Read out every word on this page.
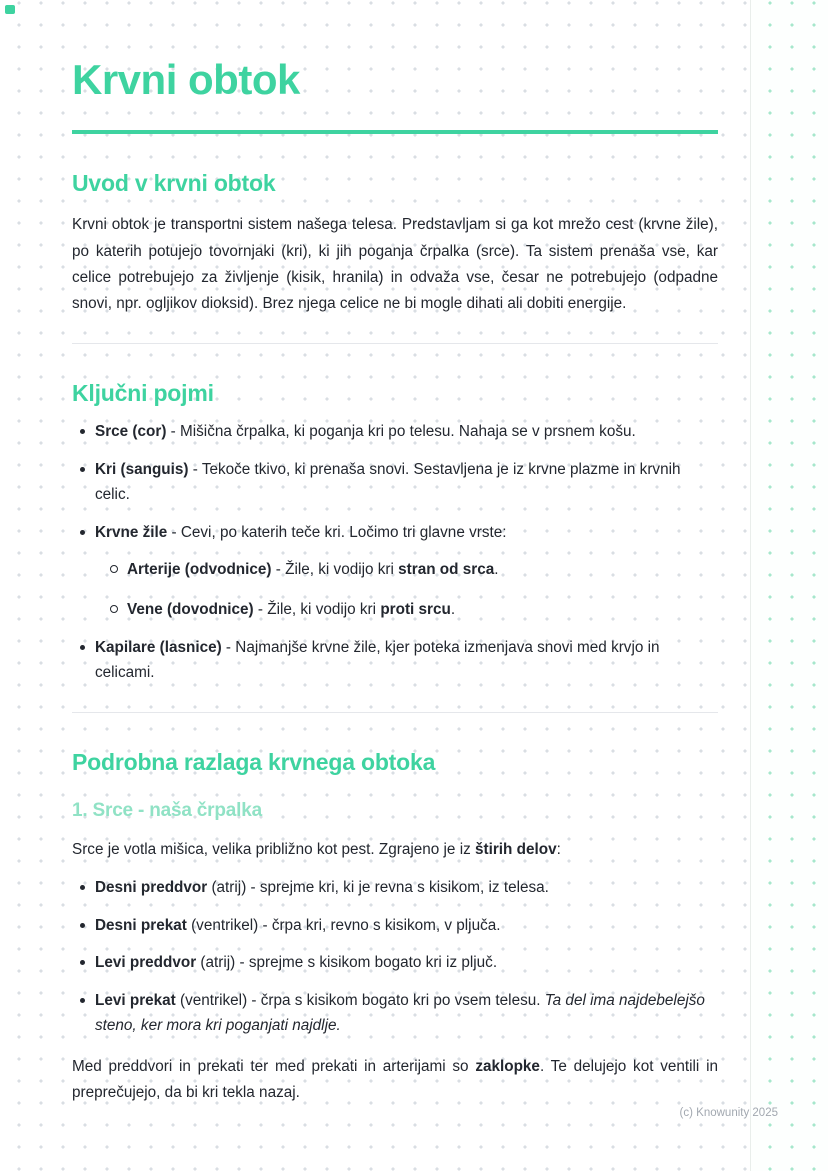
Krvni obtok
Uvod v krvni obtok

Krvni obtok je transportni sistem našega telesa. Predstavljam si ga kot mrežo cest (krvne žile), po katerih potujejo tovornjaki (kri), ki jih poganja črpalka (srce). Ta sistem prenaša vse, kar celice potrebujejo za življenje (kisik, hranila) in odvaža vse, česar ne potrebujejo (odpadne snovi, npr. ogljikov dioksid). Brez njega celice ne bi mogle dihati ali dobiti energije.

Ključni pojmi
Srce (cor) - Mišična črpalka, ki poganja kri po telesu. Nahaja se v prsnem košu.
Kri (sanguis) - Tekoče tkivo, ki prenaša snovi. Sestavljena je iz krvne plazme in krvnih celic.
Krvne žile - Cevi, po katerih teče kri. Ločimo tri glavne vrste:
Arterije (odvodnice) - Žile, ki vodijo kri stran od srca.
Vene (dovodnice) - Žile, ki vodijo kri proti srcu.
Kapilare (lasnice) - Najmanjše krvne žile, kjer poteka izmenjava snovi med krvjo in celicami.
Podrobna razlaga krvnega obtoka
1. Srce - naša črpalka

Srce je votla mišica, velika približno kot pest. Zgrajeno je iz štirih delov:

Desni preddvor (atrij) - sprejme kri, ki je revna s kisikom, iz telesa.
Desni prekat (ventrikel) - črpa kri, revno s kisikom, v pljuča.
Levi preddvor (atrij) - sprejme s kisikom bogato kri iz pljuč.
Levi prekat (ventrikel) - črpa s kisikom bogato kri po vsem telesu. Ta del ima najdebelejšo steno, ker mora kri poganjati najdlje.

Med preddvori in prekati ter med prekati in arterijami so zaklopke. Te delujejo kot ventili in preprečujejo, da bi kri tekla nazaj.

(c) Knowunity 2025
